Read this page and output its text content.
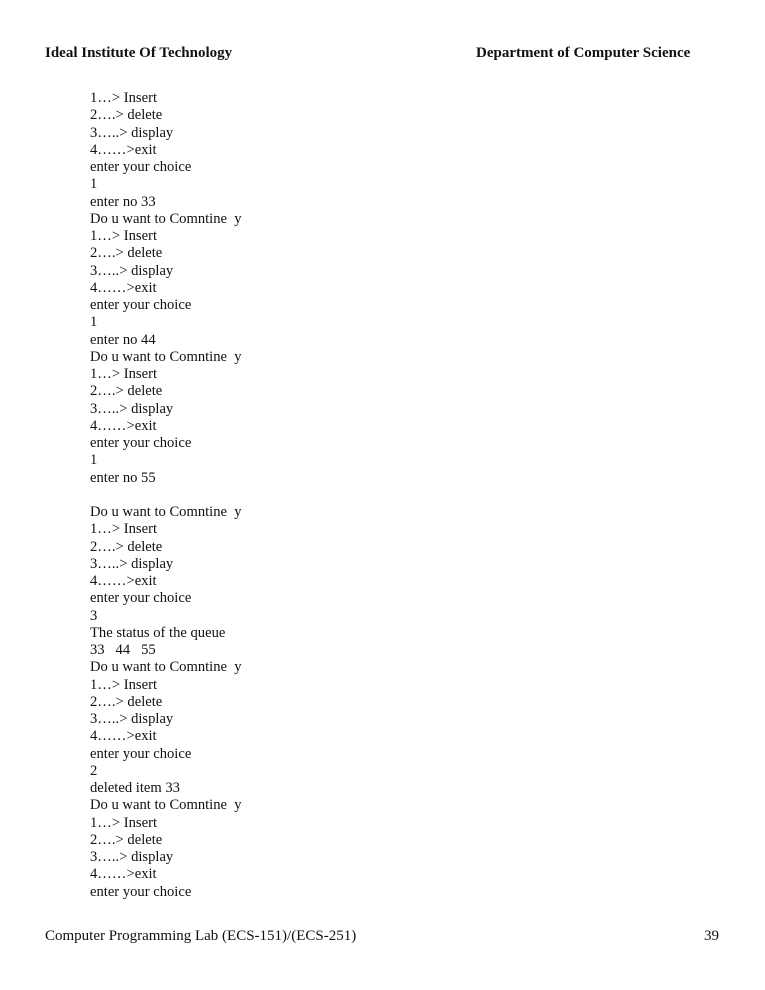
Ideal Institute Of Technology	Department of Computer Science
1…> Insert
2….> delete
3…..> display
4……>exit
enter your choice
1
enter no 33
Do u want to Comntine  y
1…> Insert
2….> delete
3…..> display
4……>exit
enter your choice
1
enter no 44
Do u want to Comntine  y
1…> Insert
2….> delete
3…..> display
4……>exit
enter your choice
1
enter no 55
Do u want to Comntine  y
1…> Insert
2….> delete
3…..> display
4……>exit
enter your choice
3
The status of the queue
33   44   55
Do u want to Comntine  y
1…> Insert
2….> delete
3…..> display
4……>exit
enter your choice
2
deleted item 33
Do u want to Comntine  y
1…> Insert
2….> delete
3…..> display
4……>exit
enter your choice
Computer Programming Lab (ECS-151)/(ECS-251)	39
